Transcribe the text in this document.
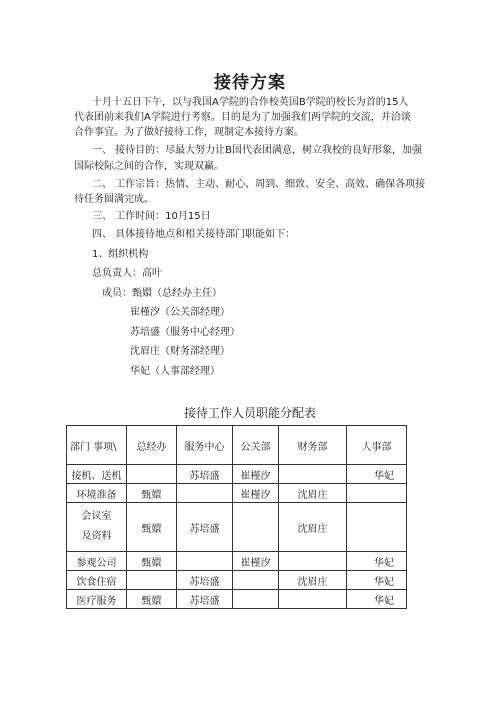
接待方案
十月十五日下午，以与我国A学院的合作校英国B学院的校长为首的15人
代表团前来我们A学院进行考察。目的是为了加强我们两学院的交流，并洽谈
合作事宜。为了做好接待工作，现制定本接待方案。
一、 接待目的：尽最大努力让B国代表团满意，树立我校的良好形象，加强
国际校际之间的合作，实现双赢。
二、 工作宗旨：热情、主动、耐心、周到、细致、安全、高效、确保各项接
待任务圆满完成。
三、 工作时间：10月15日
四、 具体接待地点和相关接待部门职能如下：
1、组织机构
总负责人：高叶
成员：甄嬛（总经办主任）
崔槿汐（公关部经理）
苏培盛（服务中心经理）
沈眉庄（财务部经理）
华妃（人事部经理）
接待工作人员职能分配表
部门 事项\	总经办	服务中心	公关部	财务部	人事部
接机、送机		苏培盛	崔槿汐		华妃
环境准备	甄嬛		崔槿汐	沈眉庄	
会议室
及资料	甄嬛	苏培盛		沈眉庄	
参观公司	甄嬛		崔槿汐		华妃
饮食住宿		苏培盛		沈眉庄	华妃
医疗服务	甄嬛	苏培盛			华妃
